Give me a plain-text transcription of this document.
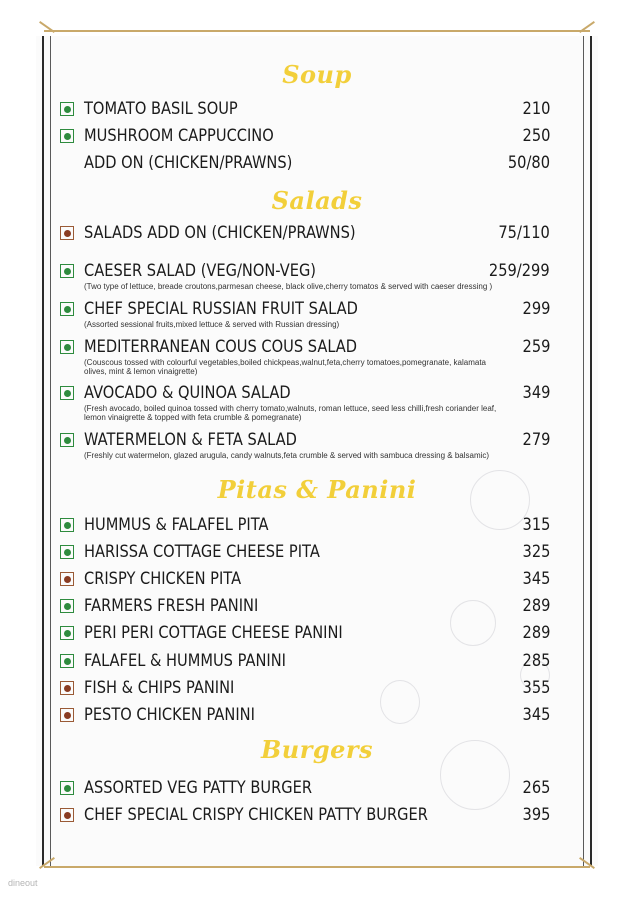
Soup
TOMATO BASIL SOUP	210
MUSHROOM CAPPUCCINO	250
ADD ON (CHICKEN/PRAWNS)	50/80
Salads
SALADS ADD ON (CHICKEN/PRAWNS)	75/110
CAESER SALAD (VEG/NON-VEG)	259/299
(Two type of lettuce, breade croutons,parmesan cheese, black olive,cherry tomatos & served with caeser dressing )
CHEF SPECIAL RUSSIAN FRUIT SALAD	299
(Assorted sessional fruits,mixed lettuce & served with Russian dressing)
MEDITERRANEAN COUS COUS SALAD	259
(Couscous tossed with colourful vegetables,boiled chickpeas,walnut,feta,cherry tomatoes,pomegranate, kalamata olives, mint & lemon vinaigrette)
AVOCADO & QUINOA SALAD	349
(Fresh avocado, boiled quinoa tossed with cherry tomato,walnuts, roman lettuce, seed less chilli,fresh coriander leaf, lemon vinaigrette & topped with feta crumble & pomegranate)
WATERMELON & FETA SALAD	279
(Freshly cut watermelon, glazed arugula, candy walnuts,feta crumble & served with sambuca dressing & balsamic)
Pitas & Panini
HUMMUS & FALAFEL PITA	315
HARISSA COTTAGE CHEESE PITA	325
CRISPY CHICKEN PITA	345
FARMERS FRESH PANINI	289
PERI PERI COTTAGE CHEESE PANINI	289
FALAFEL & HUMMUS PANINI	285
FISH & CHIPS PANINI	355
PESTO CHICKEN PANINI	345
Burgers
ASSORTED VEG PATTY BURGER	265
CHEF SPECIAL CRISPY CHICKEN PATTY BURGER	395
dineout
